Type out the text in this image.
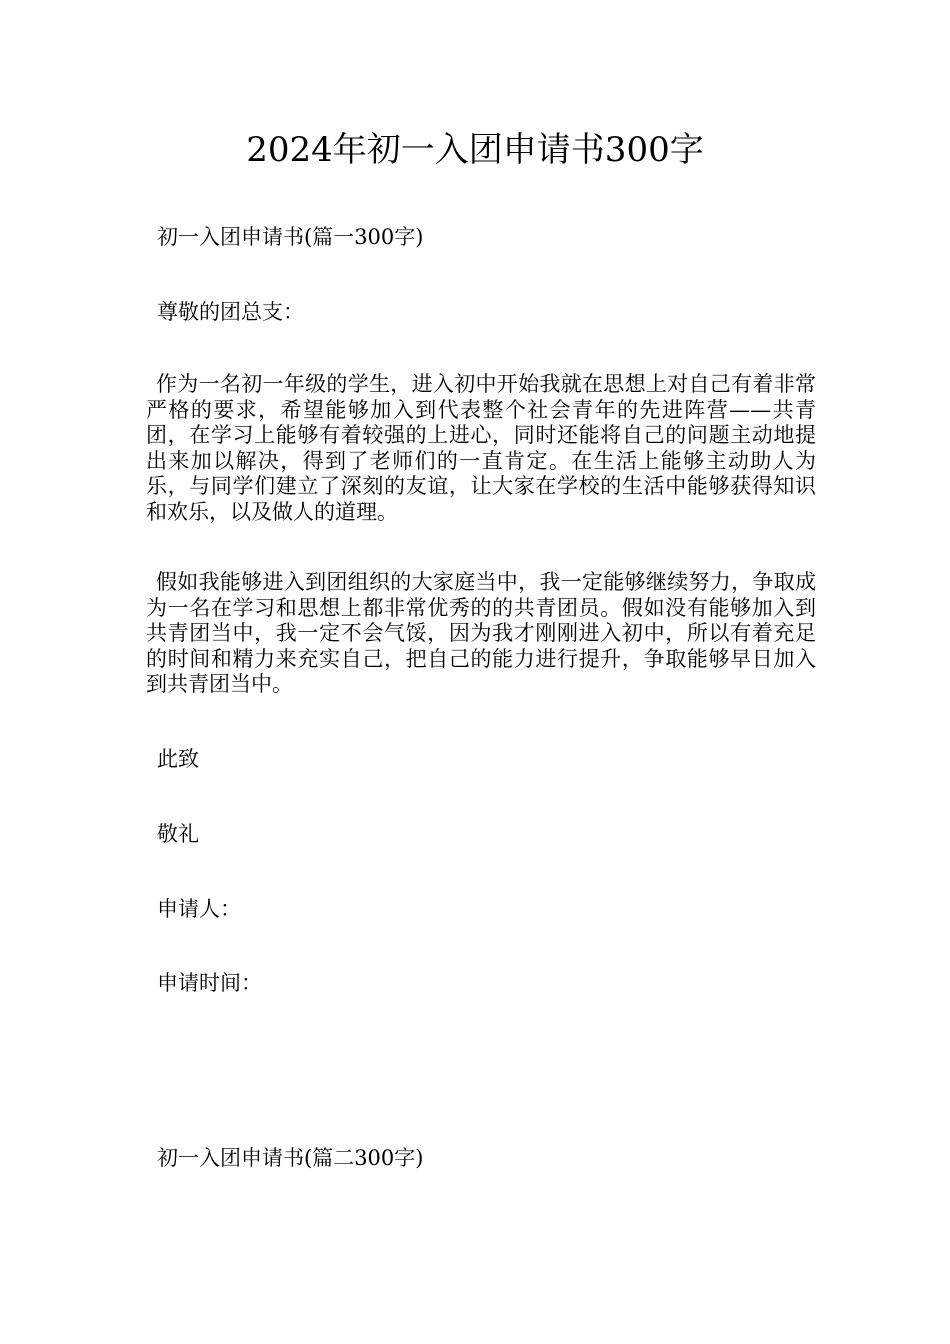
2024年初一入团申请书300字
初一入团申请书(篇一300字)
尊敬的团总支：
作为一名初一年级的学生，进入初中开始我就在思想上对自己有着非常严格的要求，希望能够加入到代表整个社会青年的先进阵营——共青团，在学习上能够有着较强的上进心，同时还能将自己的问题主动地提出来加以解决，得到了老师们的一直肯定。在生活上能够主动助人为乐，与同学们建立了深刻的友谊，让大家在学校的生活中能够获得知识和欢乐，以及做人的道理。
假如我能够进入到团组织的大家庭当中，我一定能够继续努力，争取成为一名在学习和思想上都非常优秀的的共青团员。假如没有能够加入到共青团当中，我一定不会气馁，因为我才刚刚进入初中，所以有着充足的时间和精力来充实自己，把自己的能力进行提升，争取能够早日加入到共青团当中。
此致
敬礼
申请人：
申请时间：
初一入团申请书(篇二300字)
